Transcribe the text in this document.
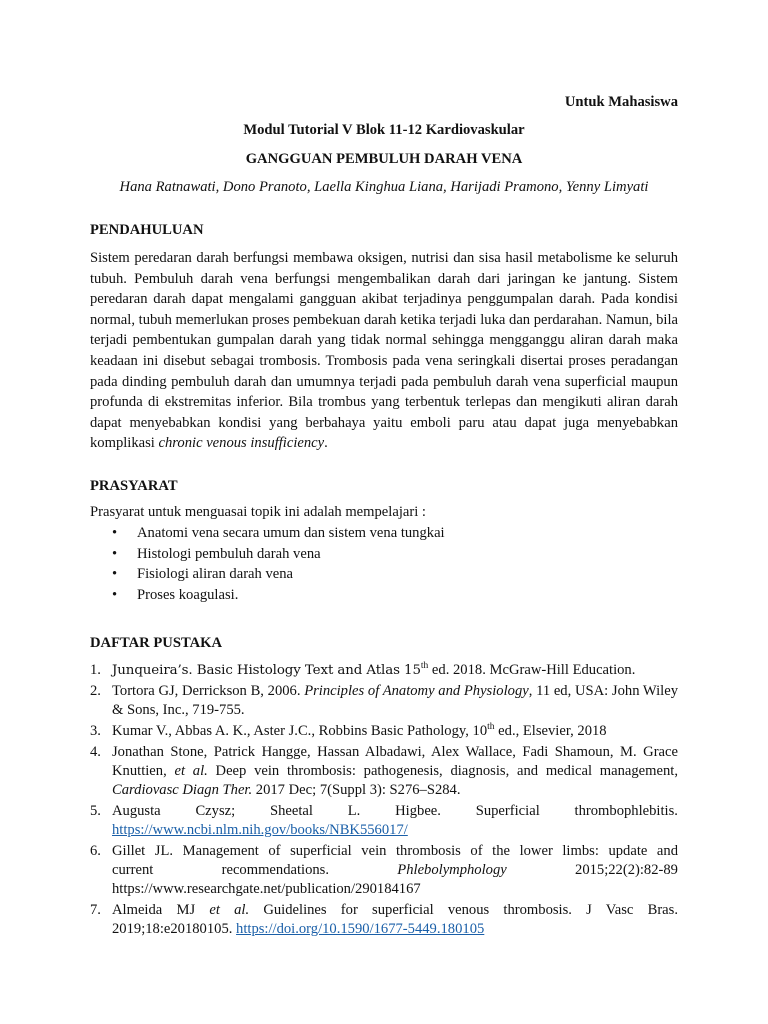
Untuk Mahasiswa

Modul Tutorial V Blok 11-12 Kardiovaskular

GANGGUAN PEMBULUH DARAH VENA

Hana Ratnawati, Dono Pranoto, Laella Kinghua Liana, Harijadi Pramono, Yenny Limyati

PENDAHULUAN

Sistem peredaran darah berfungsi membawa oksigen, nutrisi dan sisa hasil metabolisme ke seluruh tubuh. Pembuluh darah vena berfungsi mengembalikan darah dari jaringan ke jantung. Sistem peredaran darah dapat mengalami gangguan akibat terjadinya penggumpalan darah. Pada kondisi normal, tubuh memerlukan proses pembekuan darah ketika terjadi luka dan perdarahan. Namun, bila terjadi pembentukan gumpalan darah yang tidak normal sehingga mengganggu aliran darah maka keadaan ini disebut sebagai trombosis. Trombosis pada vena seringkali disertai proses peradangan pada dinding pembuluh darah dan umumnya terjadi pada pembuluh darah vena superficial maupun profunda di ekstremitas inferior. Bila trombus yang terbentuk terlepas dan mengikuti aliran darah dapat menyebabkan kondisi yang berbahaya yaitu emboli paru atau dapat juga menyebabkan komplikasi chronic venous insufficiency.

PRASYARAT

Prasyarat untuk menguasai topik ini adalah mempelajari :

• Anatomi vena secara umum dan sistem vena tungkai
• Histologi pembuluh darah vena
• Fisiologi aliran darah vena
• Proses koagulasi.

DAFTAR PUSTAKA

1. Junqueira’s. Basic Histology Text and Atlas 15th ed. 2018. McGraw-Hill Education.
2. Tortora GJ, Derrickson B, 2006. Principles of Anatomy and Physiology, 11 ed, USA: John Wiley & Sons, Inc., 719-755.
3. Kumar V., Abbas A. K., Aster J.C., Robbins Basic Pathology, 10th ed., Elsevier, 2018
4. Jonathan Stone, Patrick Hangge, Hassan Albadawi, Alex Wallace, Fadi Shamoun, M. Grace Knuttien, et al. Deep vein thrombosis: pathogenesis, diagnosis, and medical management, Cardiovasc Diagn Ther. 2017 Dec; 7(Suppl 3): S276–S284.
5. Augusta Czysz; Sheetal L. Higbee. Superficial thrombophlebitis.
https://www.ncbi.nlm.nih.gov/books/NBK556017/
6. Gillet JL. Management of superficial vein thrombosis of the lower limbs: update and
current	recommendations.	Phlebolymphology	2015;22(2):82-89
https://www.researchgate.net/publication/290184167
7. Almeida MJ et al. Guidelines for superficial venous thrombosis. J Vasc Bras. 2019;18:e20180105. https://doi.org/10.1590/1677-5449.180105
